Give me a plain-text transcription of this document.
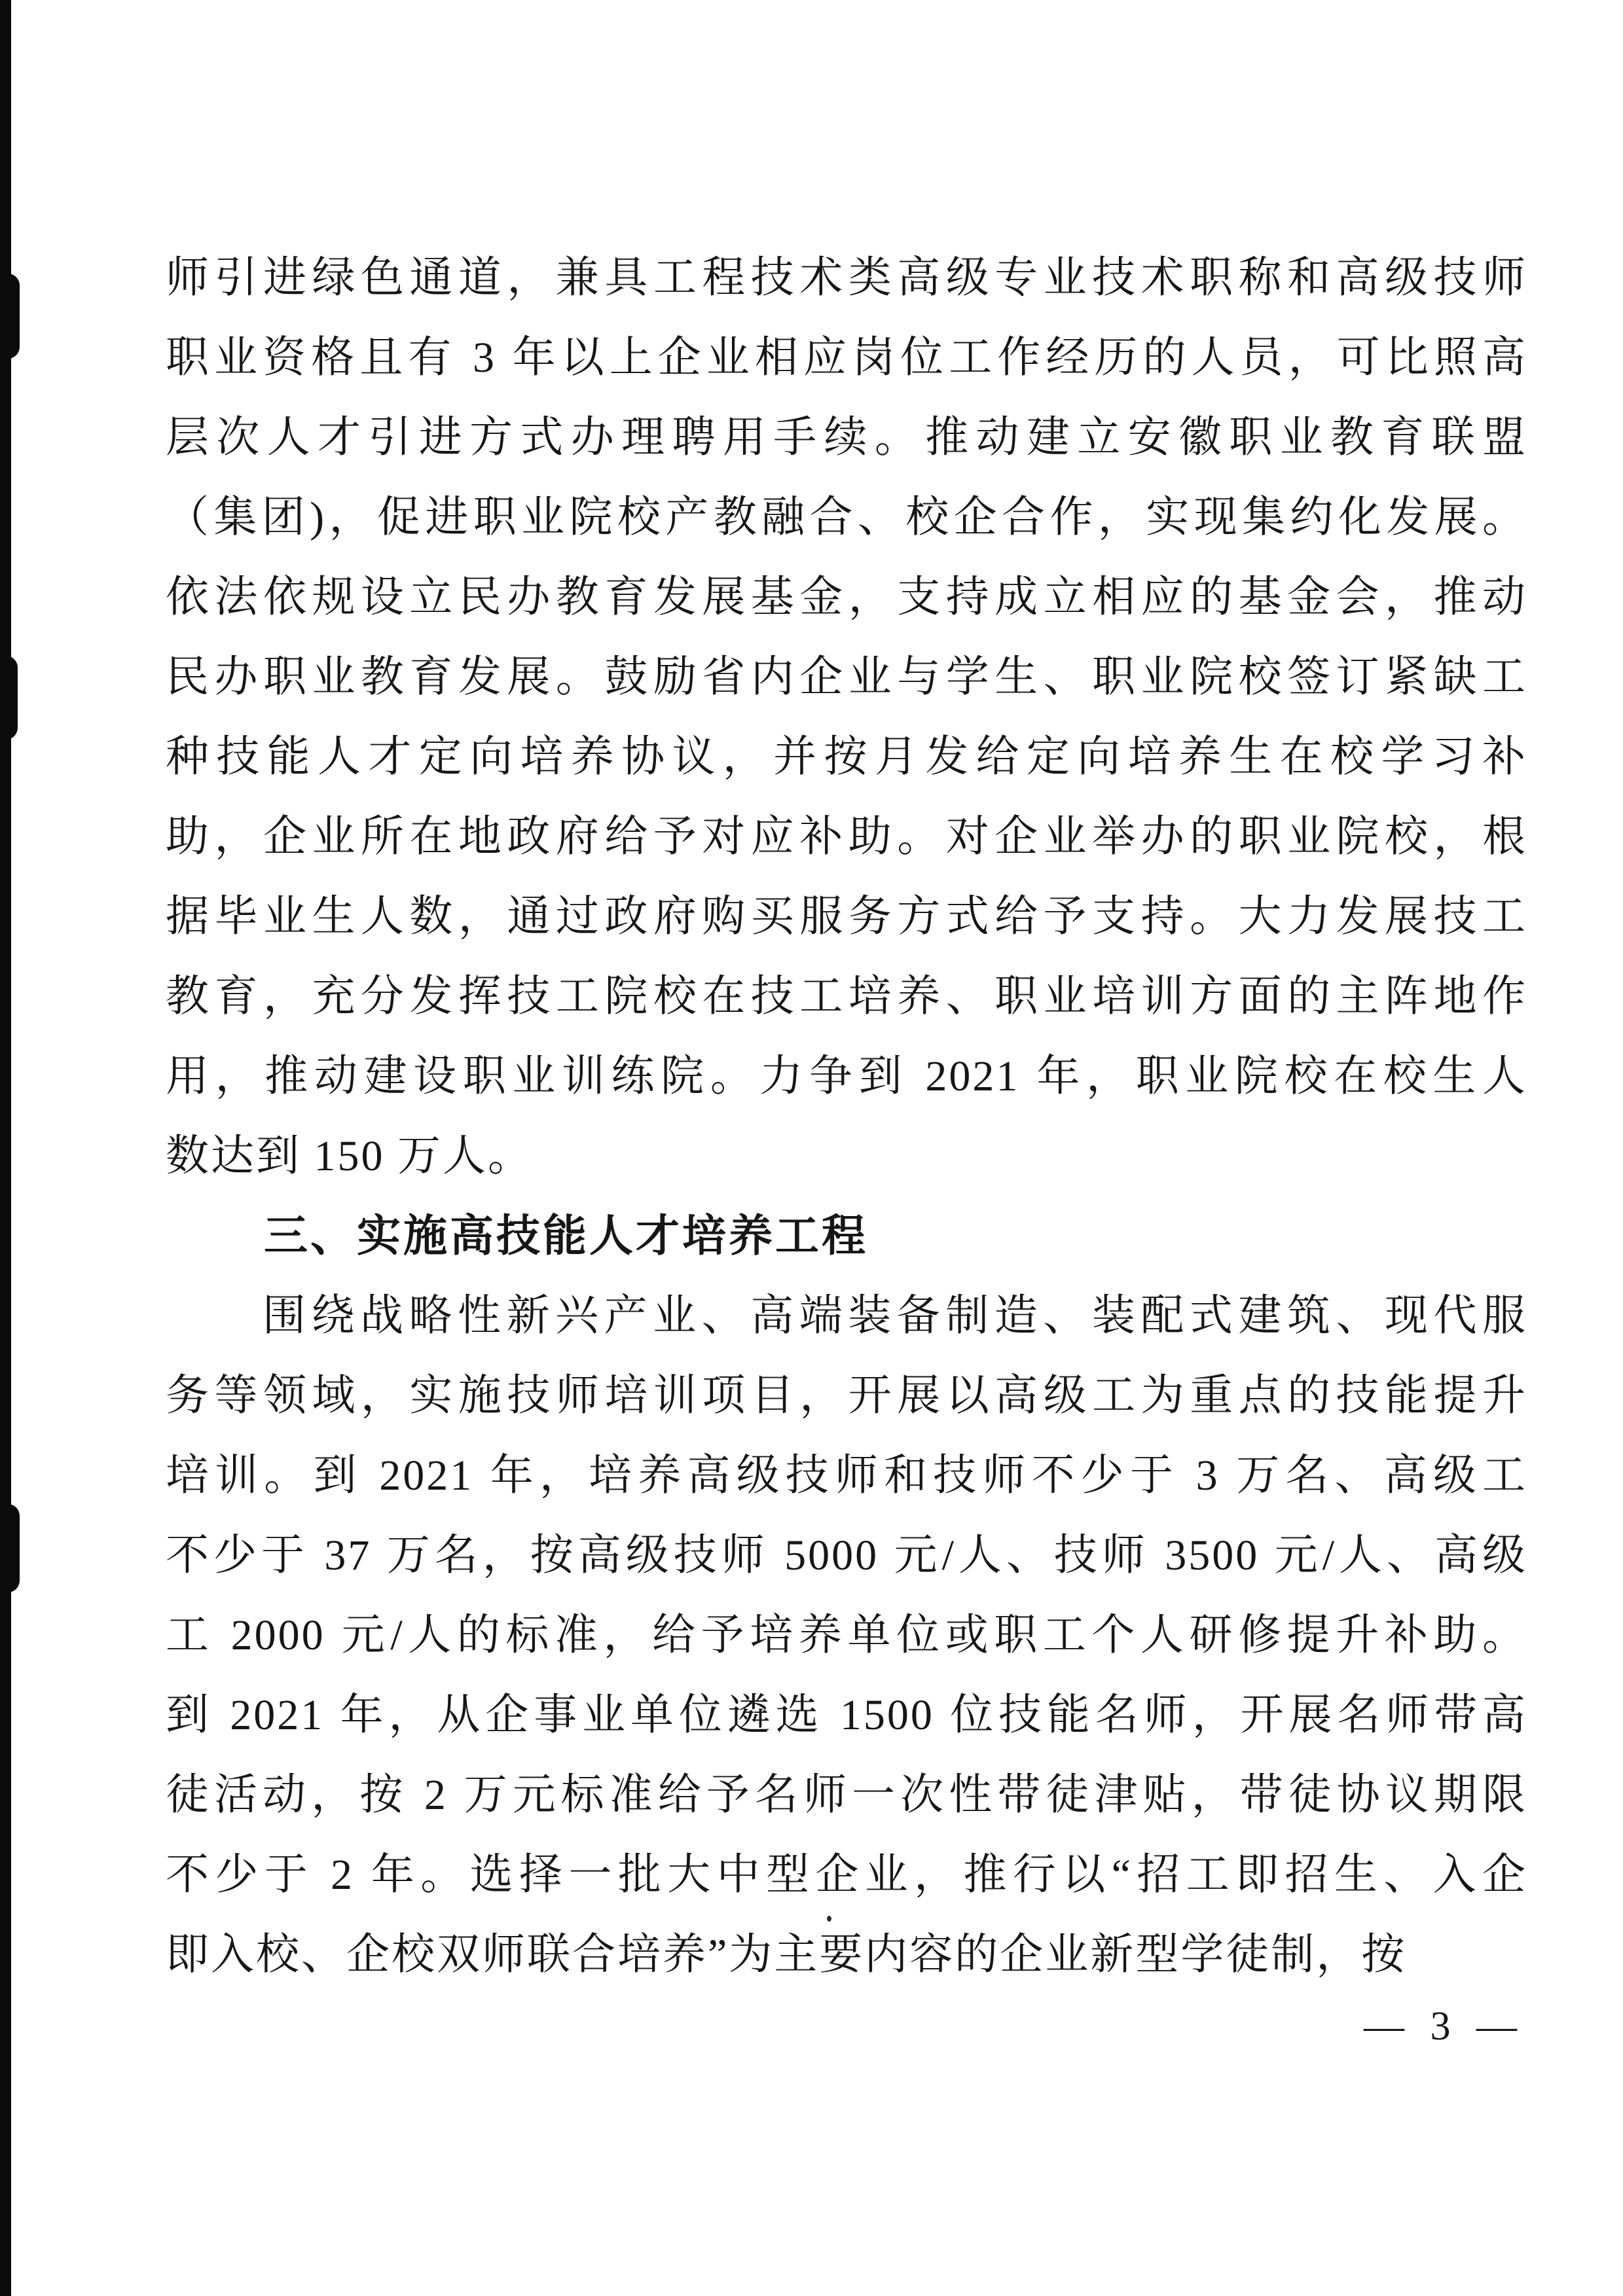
师引进绿色通道，兼具工程技术类高级专业技术职称和高级技师

职业资格且有 3 年以上企业相应岗位工作经历的人员，可比照高

层次人才引进方式办理聘用手续。推动建立安徽职业教育联盟

（集团)，促进职业院校产教融合、校企合作，实现集约化发展。

依法依规设立民办教育发展基金，支持成立相应的基金会，推动

民办职业教育发展。鼓励省内企业与学生、职业院校签订紧缺工

种技能人才定向培养协议，并按月发给定向培养生在校学习补

助，企业所在地政府给予对应补助。对企业举办的职业院校，根

据毕业生人数，通过政府购买服务方式给予支持。大力发展技工

教育，充分发挥技工院校在技工培养、职业培训方面的主阵地作

用，推动建设职业训练院。力争到 2021 年，职业院校在校生人

数达到 150 万人。

三、实施高技能人才培养工程

围绕战略性新兴产业、高端装备制造、装配式建筑、现代服

务等领域，实施技师培训项目，开展以高级工为重点的技能提升

培训。到 2021 年，培养高级技师和技师不少于 3 万名、高级工

不少于 37 万名，按高级技师 5000 元/人、技师 3500 元/人、高级

工 2000 元/人的标准，给予培养单位或职工个人研修提升补助。

到 2021 年，从企事业单位遴选 1500 位技能名师，开展名师带高

徒活动，按 2 万元标准给予名师一次性带徒津贴，带徒协议期限

不少于 2 年。选择一批大中型企业，推行以“招工即招生、入企

即入校、企校双师联合培养”为主要内容的企业新型学徒制，按

— 3 —
